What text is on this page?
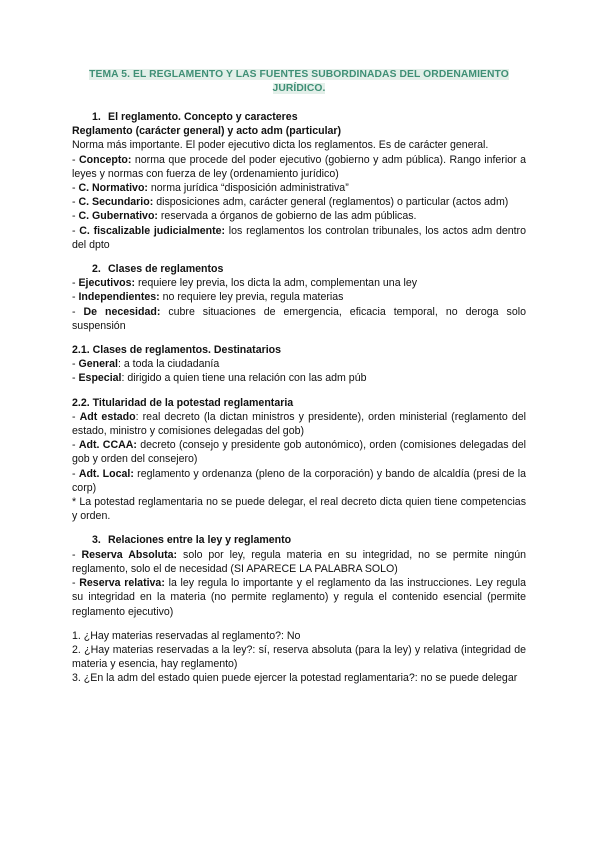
TEMA 5. EL REGLAMENTO Y LAS FUENTES SUBORDINADAS DEL ORDENAMIENTO
JURÍDICO.

1. El reglamento. Concepto y caracteres

Reglamento (carácter general) y acto adm (particular)

Norma más importante. El poder ejecutivo dicta los reglamentos. Es de carácter general.

- Concepto: norma que procede del poder ejecutivo (gobierno y adm pública). Rango inferior a leyes y normas con fuerza de ley (ordenamiento jurídico)

- C. Normativo: norma jurídica “disposición administrativa”

- C. Secundario: disposiciones adm, carácter general (reglamentos) o particular (actos adm)

- C. Gubernativo: reservada a órganos de gobierno de las adm públicas.

- C. fiscalizable judicialmente: los reglamentos los controlan tribunales, los actos adm dentro del dpto

2. Clases de reglamentos

- Ejecutivos: requiere ley previa, los dicta la adm, complementan una ley

- Independientes: no requiere ley previa, regula materias

- De necesidad: cubre situaciones de emergencia, eficacia temporal, no deroga solo suspensión

2.1. Clases de reglamentos. Destinatarios

- General: a toda la ciudadanía

- Especial: dirigido a quien tiene una relación con las adm púb

2.2. Titularidad de la potestad reglamentaria

- Adt estado: real decreto (la dictan ministros y presidente), orden ministerial (reglamento del estado, ministro y comisiones delegadas del gob)

- Adt. CCAA: decreto (consejo y presidente gob autonómico), orden (comisiones delegadas del gob y orden del consejero)

- Adt. Local: reglamento y ordenanza (pleno de la corporación) y bando de alcaldía (presi de la corp)

* La potestad reglamentaria no se puede delegar, el real decreto dicta quien tiene competencias y orden.

3. Relaciones entre la ley y reglamento

- Reserva Absoluta: solo por ley, regula materia en su integridad, no se permite ningún reglamento, solo el de necesidad (SI APARECE LA PALABRA SOLO)

- Reserva relativa: la ley regula lo importante y el reglamento da las instrucciones. Ley regula su integridad en la materia (no permite reglamento) y regula el contenido esencial (permite reglamento ejecutivo)

1. ¿Hay materias reservadas al reglamento?: No

2. ¿Hay materias reservadas a la ley?: sí, reserva absoluta (para la ley) y relativa (integridad de materia y esencia, hay reglamento)

3. ¿En la adm del estado quien puede ejercer la potestad reglamentaria?: no se puede delegar
